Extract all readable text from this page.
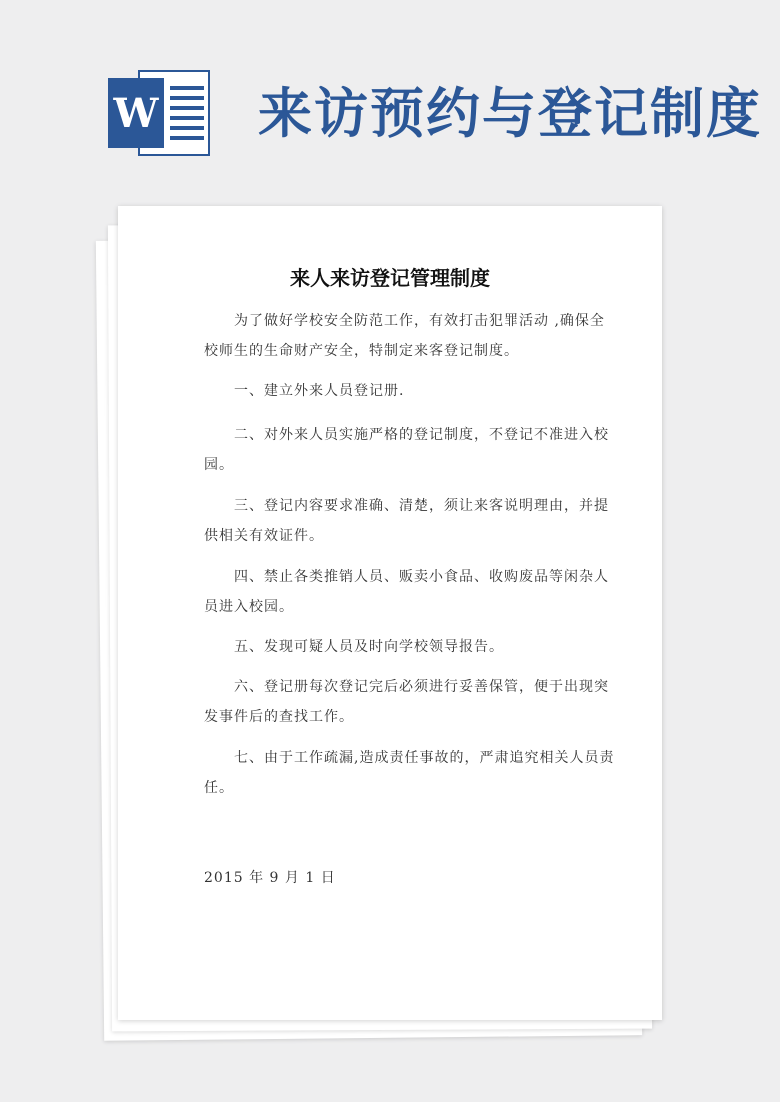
W 来访预约与登记制度
来人来访登记管理制度

为了做好学校安全防范工作，有效打击犯罪活动 ,确保全校师生的生命财产安全，特制定来客登记制度。

一、建立外来人员登记册.

二、对外来人员实施严格的登记制度，不登记不准进入校园。

三、登记内容要求准确、清楚，须让来客说明理由，并提供相关有效证件。

四、禁止各类推销人员、贩卖小食品、收购废品等闲杂人员进入校园。

五、发现可疑人员及时向学校领导报告。

六、登记册每次登记完后必须进行妥善保管，便于出现突发事件后的查找工作。

七、由于工作疏漏,造成责任事故的，严肃追究相关人员责任。

2015 年 9 月 1 日
